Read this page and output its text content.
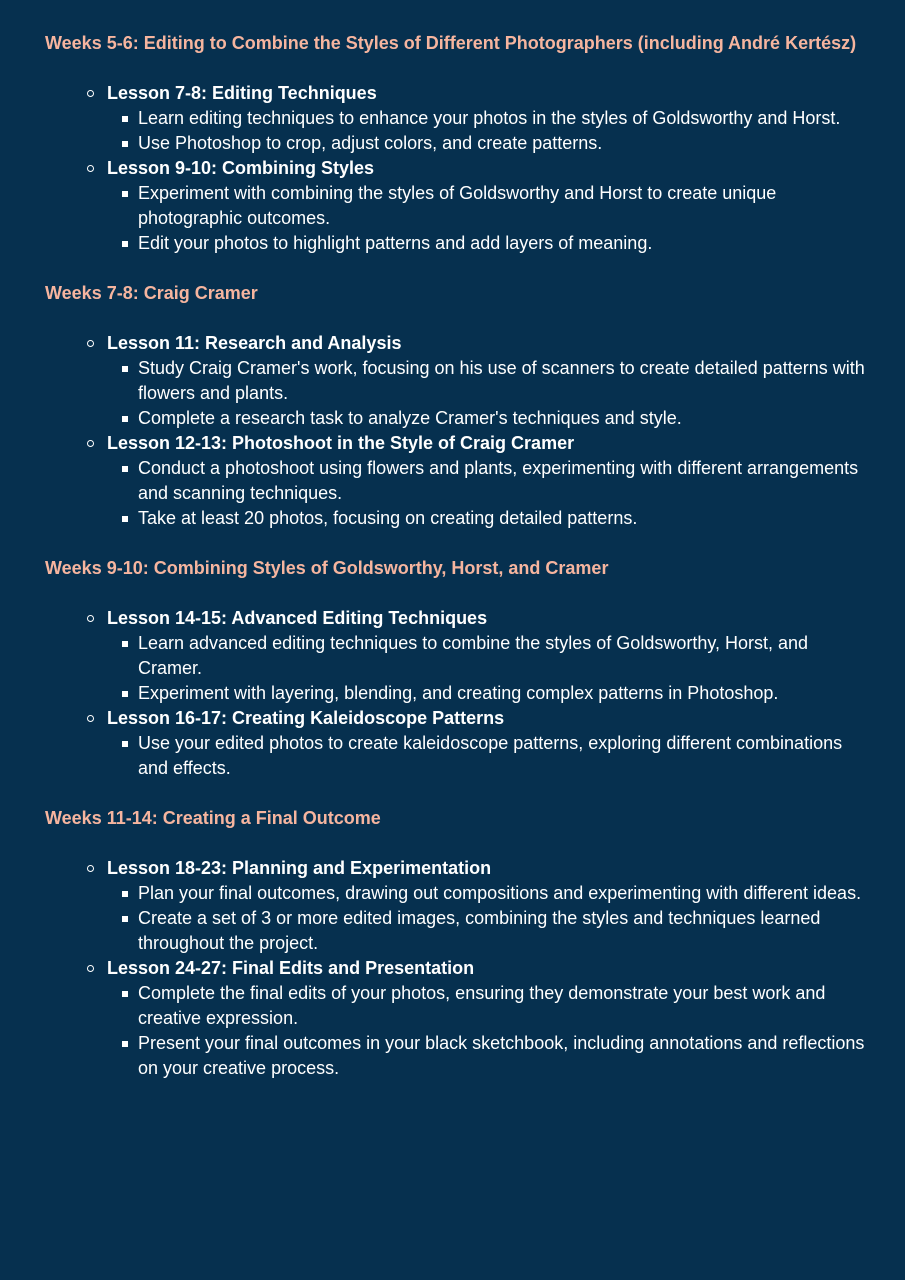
Weeks 5-6: Editing to Combine the Styles of Different Photographers (including André Kertész)
Lesson 7-8: Editing Techniques
Learn editing techniques to enhance your photos in the styles of Goldsworthy and Horst.
Use Photoshop to crop, adjust colors, and create patterns.
Lesson 9-10: Combining Styles
Experiment with combining the styles of Goldsworthy and Horst to create unique photographic outcomes.
Edit your photos to highlight patterns and add layers of meaning.
Weeks 7-8: Craig Cramer
Lesson 11: Research and Analysis
Study Craig Cramer's work, focusing on his use of scanners to create detailed patterns with flowers and plants.
Complete a research task to analyze Cramer's techniques and style.
Lesson 12-13: Photoshoot in the Style of Craig Cramer
Conduct a photoshoot using flowers and plants, experimenting with different arrangements and scanning techniques.
Take at least 20 photos, focusing on creating detailed patterns.
Weeks 9-10: Combining Styles of Goldsworthy, Horst, and Cramer
Lesson 14-15: Advanced Editing Techniques
Learn advanced editing techniques to combine the styles of Goldsworthy, Horst, and Cramer.
Experiment with layering, blending, and creating complex patterns in Photoshop.
Lesson 16-17: Creating Kaleidoscope Patterns
Use your edited photos to create kaleidoscope patterns, exploring different combinations and effects.
Weeks 11-14: Creating a Final Outcome
Lesson 18-23: Planning and Experimentation
Plan your final outcomes, drawing out compositions and experimenting with different ideas.
Create a set of 3 or more edited images, combining the styles and techniques learned throughout the project.
Lesson 24-27: Final Edits and Presentation
Complete the final edits of your photos, ensuring they demonstrate your best work and creative expression.
Present your final outcomes in your black sketchbook, including annotations and reflections on your creative process.
